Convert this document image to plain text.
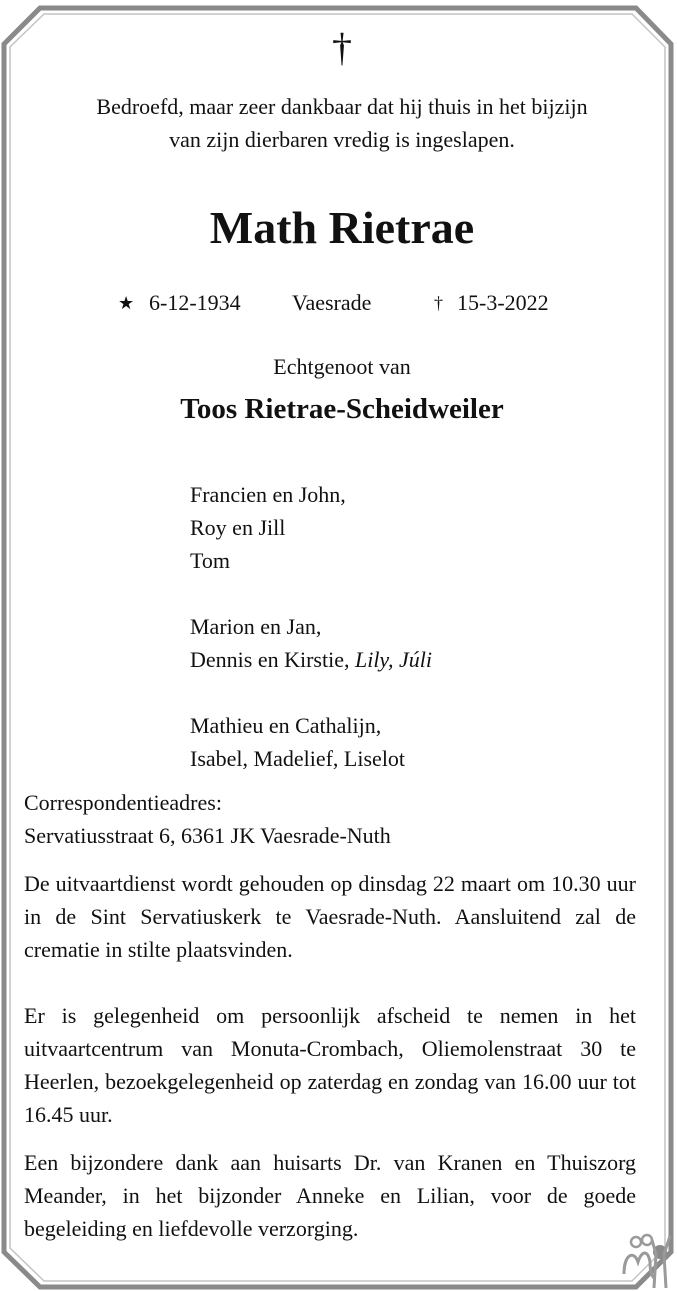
†
Bedroefd, maar zeer dankbaar dat hij thuis in het bijzijn
van zijn dierbaren vredig is ingeslapen.
Math Rietrae
★ 6-12-1934 Vaesrade	† 15-3-2022
Echtgenoot van
Toos Rietrae-Scheidweiler
Francien en John,
Roy en Jill
Tom
Marion en Jan,
Dennis en Kirstie, Lily, Júli
Mathieu en Cathalijn,
Isabel, Madelief, Liselot
Correspondentieadres:
Servatiusstraat 6, 6361 JK Vaesrade-Nuth
De uitvaartdienst wordt gehouden op dinsdag 22 maart om 10.30 uur in de Sint Servatiuskerk te Vaesrade-Nuth. Aansluitend zal de crematie in stilte plaatsvinden.
Er is gelegenheid om persoonlijk afscheid te nemen in het uitvaartcentrum van Monuta-Crombach, Oliemolenstraat 30 te Heerlen, bezoekgelegenheid op zaterdag en zondag van 16.00 uur tot 16.45 uur.
Een bijzondere dank aan huisarts Dr. van Kranen en Thuiszorg Meander, in het bijzonder Anneke en Lilian, voor de goede begeleiding en liefdevolle verzorging.
